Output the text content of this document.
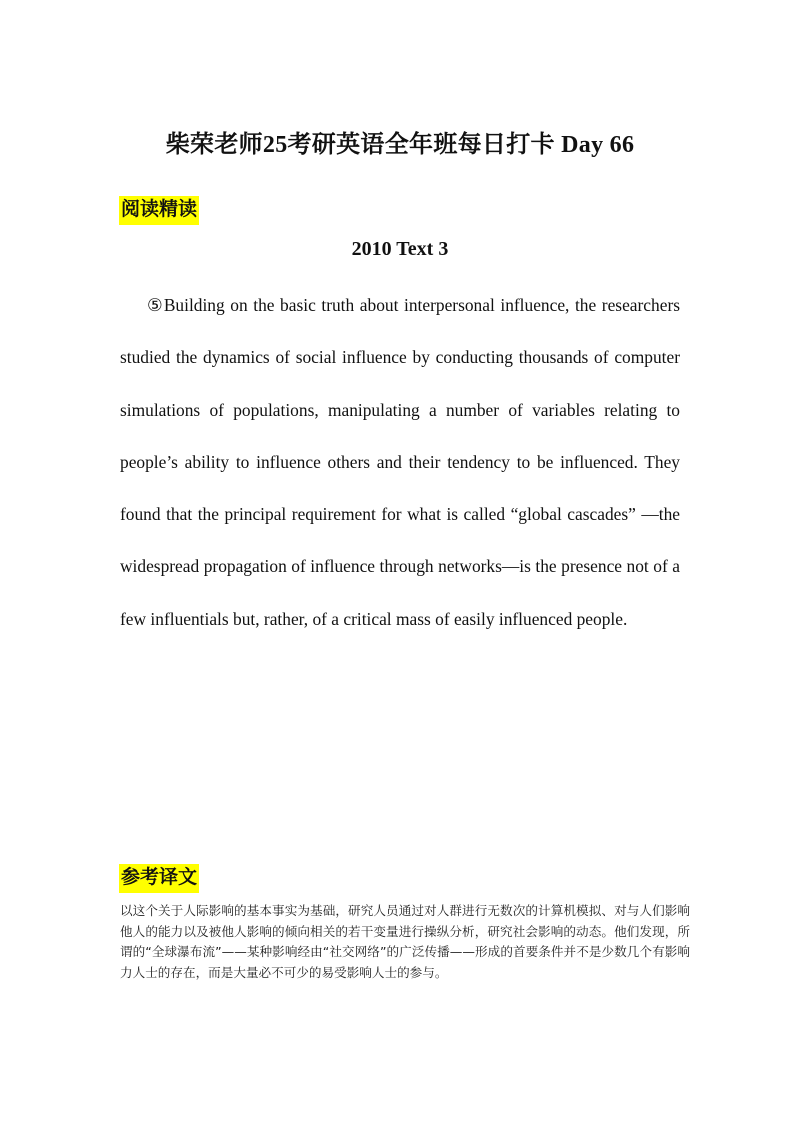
柴荣老师25考研英语全年班每日打卡 Day 66
阅读精读
2010 Text 3

⑤Building on the basic truth about interpersonal influence, the researchers studied the dynamics of social influence by conducting thousands of computer simulations of populations, manipulating a number of variables relating to people’s ability to influence others and their tendency to be influenced. They found that the principal requirement for what is called “global cascades” —the widespread propagation of influence through networks—is the presence not of a few influentials but, rather, of a critical mass of easily influenced people.

参考译文

以这个关于人际影响的基本事实为基础，研究人员通过对人群进行无数次的计算机模拟、对与人们影响他人的能力以及被他人影响的倾向相关的若干变量进行操纵分析，研究社会影响的动态。他们发现，所谓的“全球瀑布流”——某种影响经由“社交网络”的广泛传播——形成的首要条件并不是少数几个有影响力人士的存在，而是大量必不可少的易受影响人士的参与。
